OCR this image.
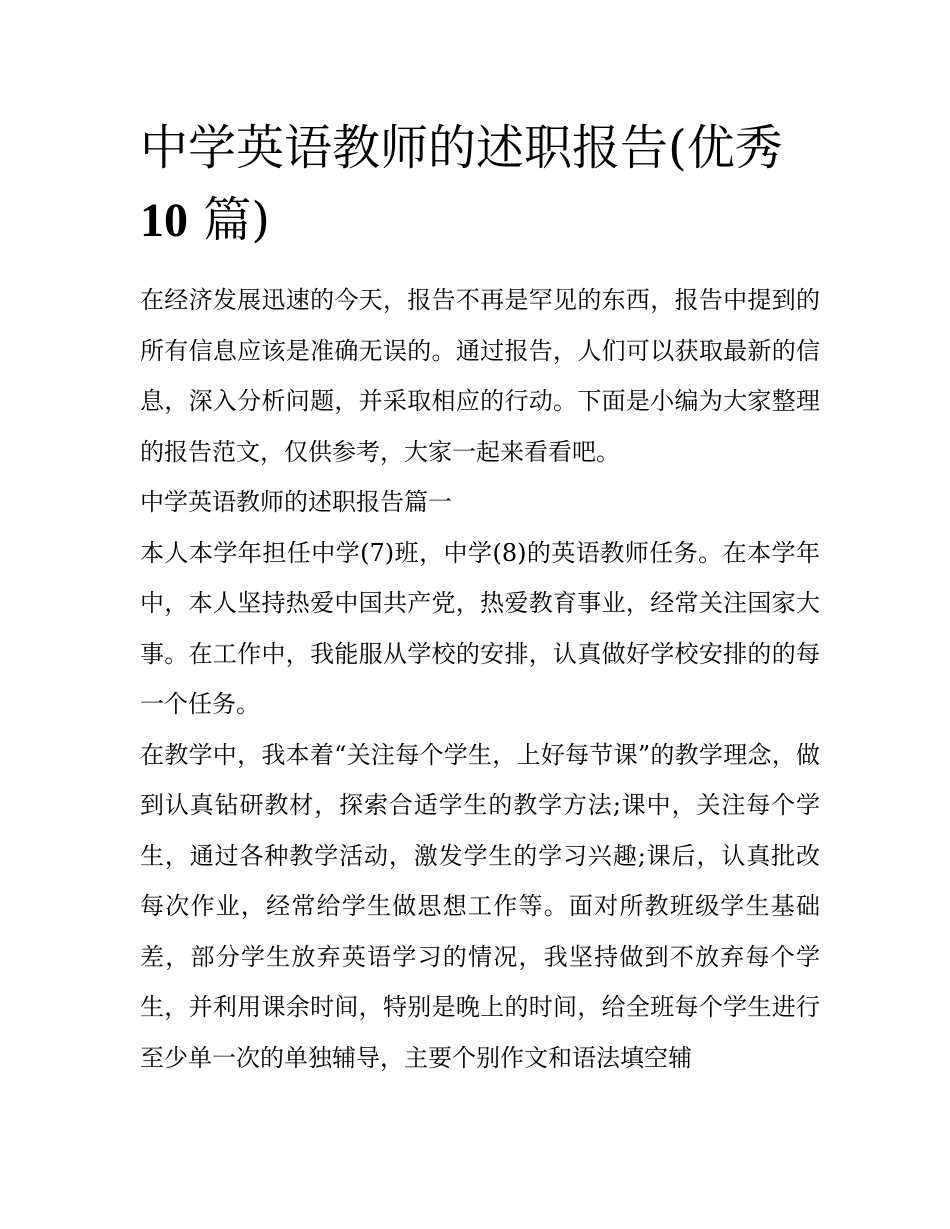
中学英语教师的述职报告(优秀
10 篇)

在经济发展迅速的今天，报告不再是罕见的东西，报告中提到的所有信息应该是准确无误的。通过报告，人们可以获取最新的信息，深入分析问题，并采取相应的行动。下面是小编为大家整理的报告范文，仅供参考，大家一起来看看吧。

中学英语教师的述职报告篇一

本人本学年担任中学(7)班，中学(8)的英语教师任务。在本学年中，本人坚持热爱中国共产党，热爱教育事业，经常关注国家大事。在工作中，我能服从学校的安排，认真做好学校安排的的每一个任务。

在教学中，我本着“关注每个学生，上好每节课”的教学理念，做到认真钻研教材，探索合适学生的教学方法;课中，关注每个学生，通过各种教学活动，激发学生的学习兴趣;课后，认真批改每次作业，经常给学生做思想工作等。面对所教班级学生基础差，部分学生放弃英语学习的情况，我坚持做到不放弃每个学生，并利用课余时间，特别是晚上的时间，给全班每个学生进行至少单一次的单独辅导，主要个别作文和语法填空辅
